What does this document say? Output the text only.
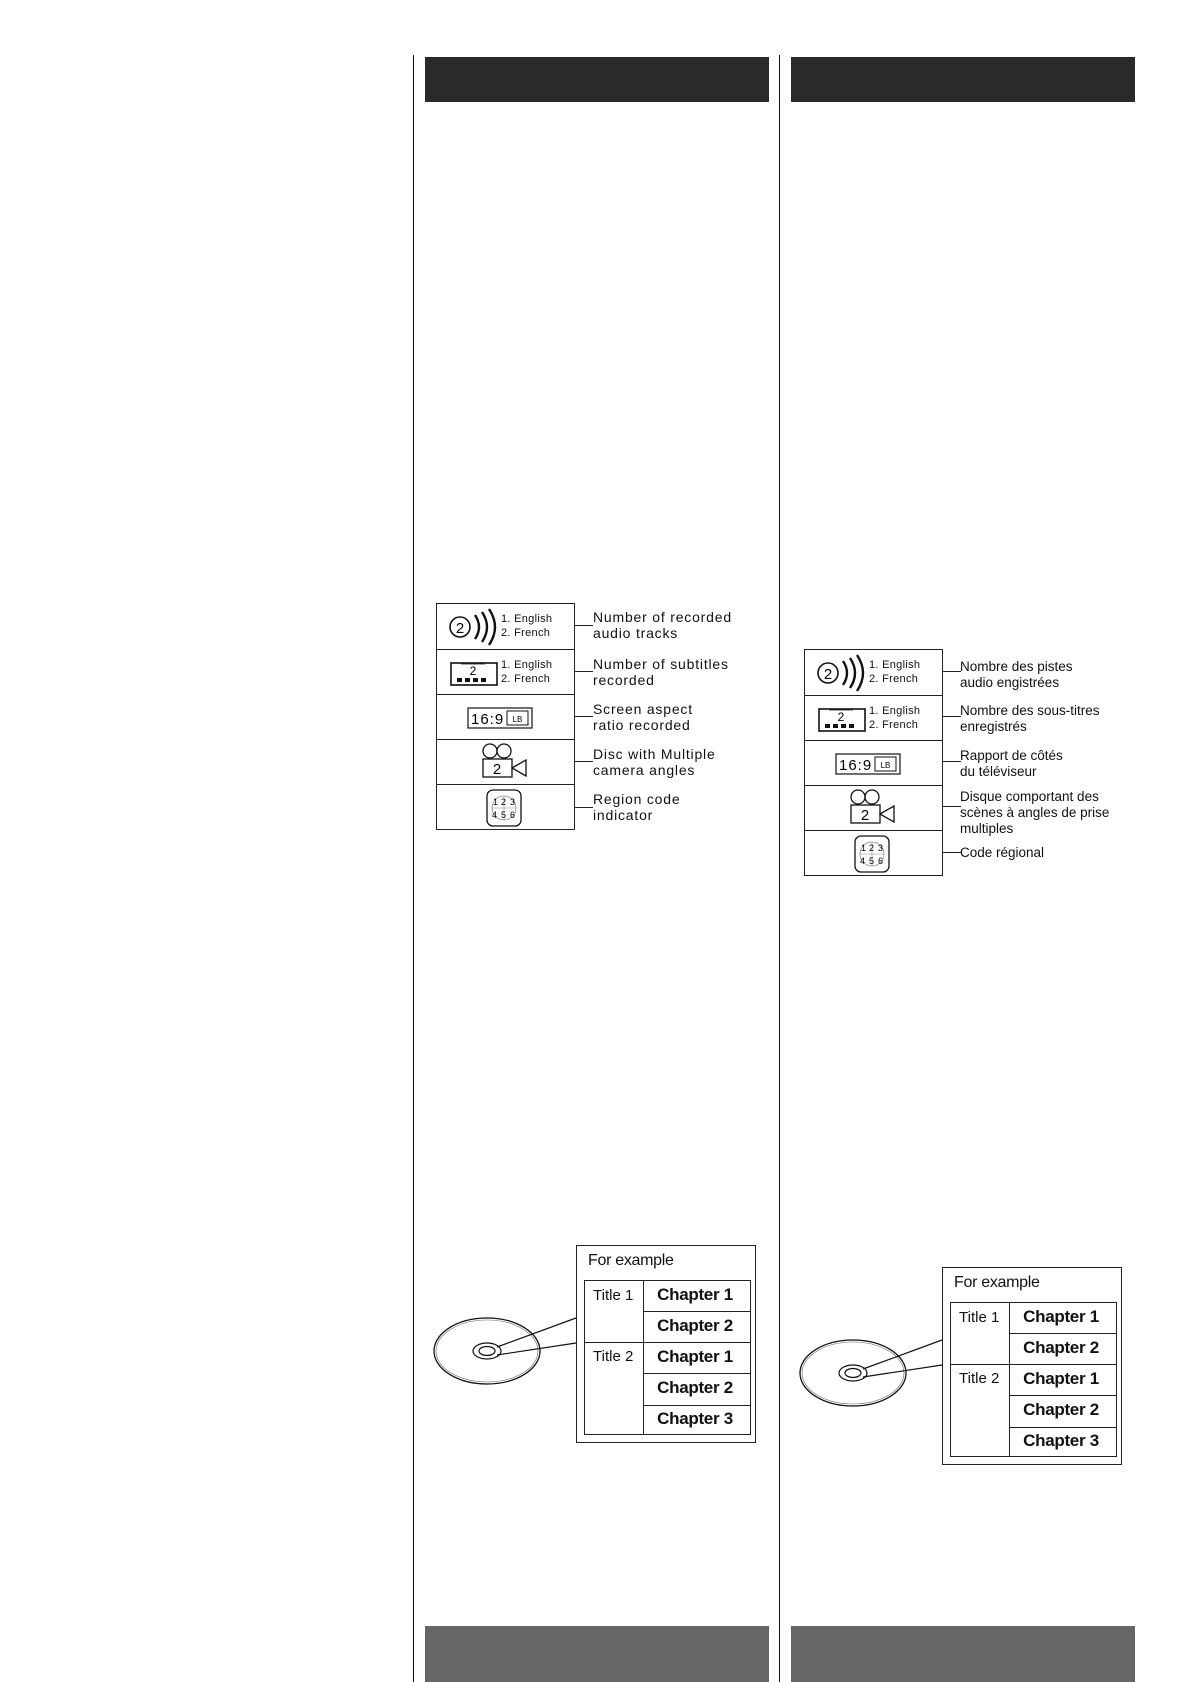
2
1. English
2. French
2 1. English
2. French
16:9 LB
2
1 2 3
4 5 6
Number of recorded
audio tracks
Number of subtitles
recorded
Screen aspect
ratio recorded
Disc with Multiple
camera angles
Region code
indicator
2
1. English
2. French
2 1. English
2. French
16:9 LB
2
1 2 3
4 5 6
Nombre des pistes
audio engistrées
Nombre des sous-titres
enregistrés
Rapport de côtés
du téléviseur
Disque comportant des
scènes à angles de prise
multiples
Code régional
For example
Title 1
Title 2
Chapter 1
Chapter 2
Chapter 1
Chapter 2
Chapter 3
For example
Title 1
Title 2
Chapter 1
Chapter 2
Chapter 1
Chapter 2
Chapter 3
